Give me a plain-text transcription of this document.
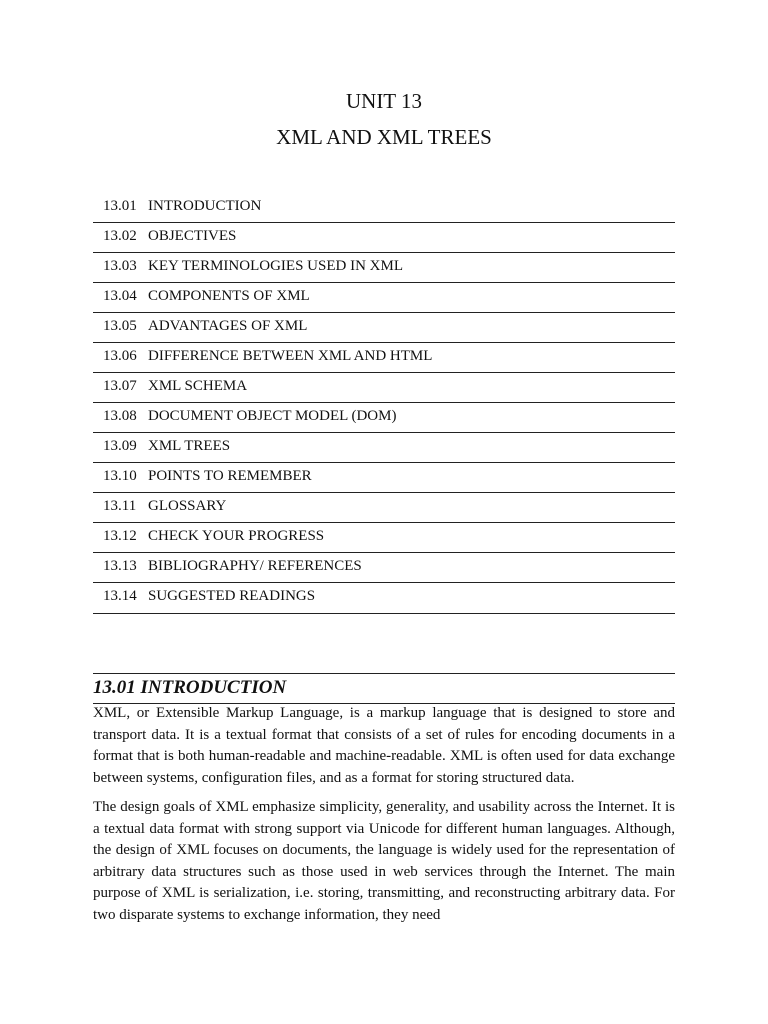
UNIT 13
XML AND XML TREES
13.01 INTRODUCTION
13.02 OBJECTIVES
13.03 KEY TERMINOLOGIES USED IN XML
13.04 COMPONENTS OF XML
13.05 ADVANTAGES OF XML
13.06 DIFFERENCE BETWEEN XML AND HTML
13.07 XML SCHEMA
13.08 DOCUMENT OBJECT MODEL (DOM)
13.09 XML TREES
13.10 POINTS TO REMEMBER
13.11 GLOSSARY
13.12 CHECK YOUR PROGRESS
13.13 BIBLIOGRAPHY/ REFERENCES
13.14 SUGGESTED READINGS
13.01 INTRODUCTION

XML, or Extensible Markup Language, is a markup language that is designed to store and transport data. It is a textual format that consists of a set of rules for encoding documents in a format that is both human-readable and machine-readable. XML is often used for data exchange between systems, configuration files, and as a format for storing structured data.

The design goals of XML emphasize simplicity, generality, and usability across the Internet. It is a textual data format with strong support via Unicode for different human languages. Although, the design of XML focuses on documents, the language is widely used for the representation of arbitrary data structures such as those used in web services through the Internet. The main purpose of XML is serialization, i.e. storing, transmitting, and reconstructing arbitrary data. For two disparate systems to exchange information, they need
